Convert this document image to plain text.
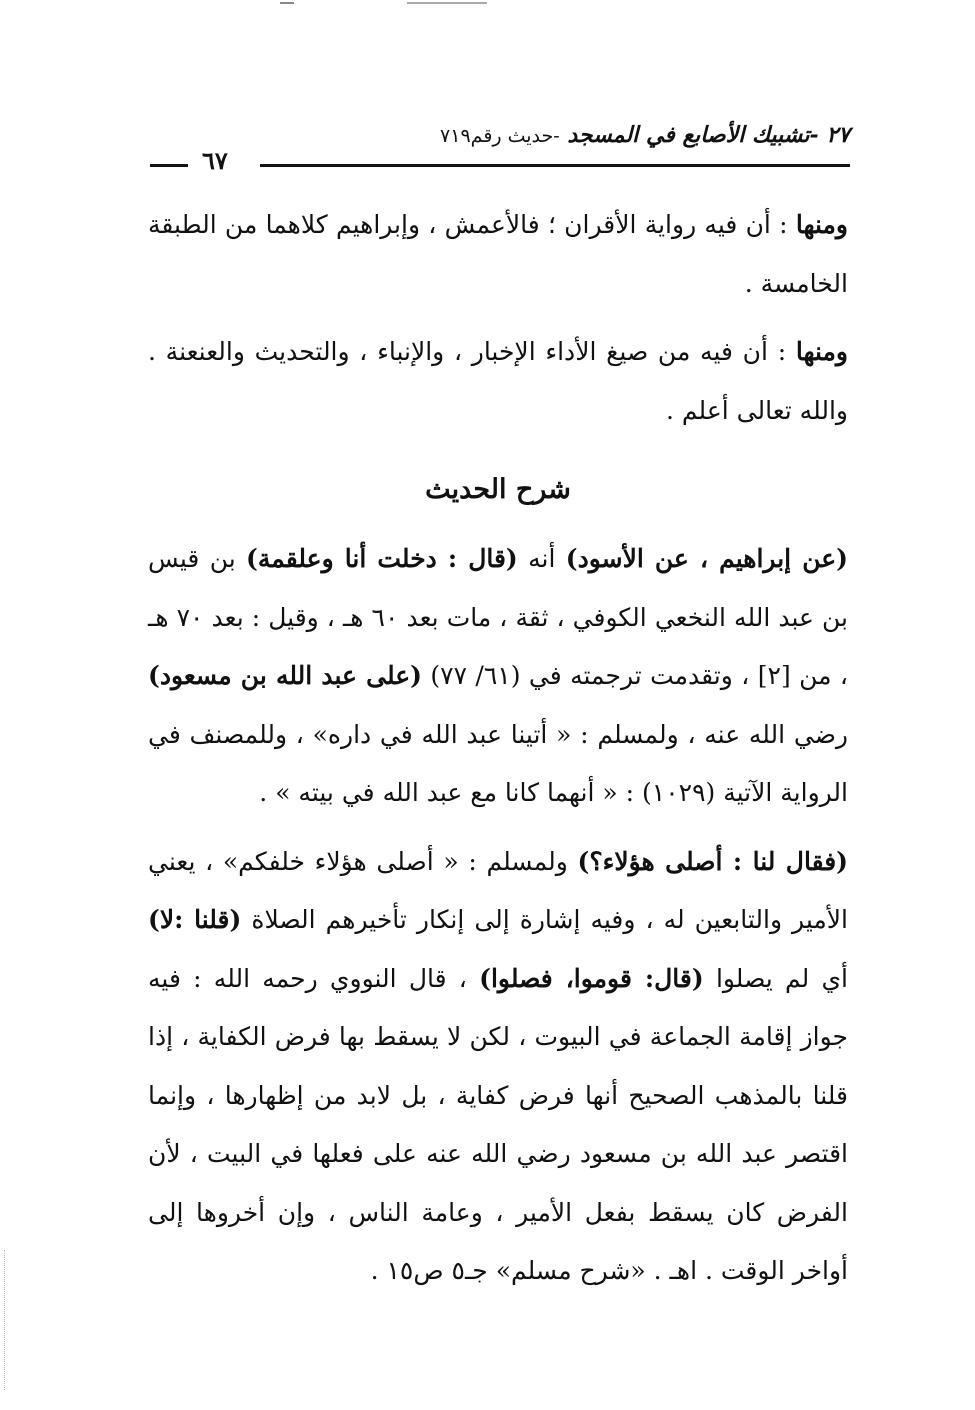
٢٧ -تشبيك الأصابع في المسجد -حديث رقم٧١٩
٦٧

ومنها : أن فيه رواية الأقران ؛ فالأعمش ، وإبراهيم كلاهما من الطبقة الخامسة .

ومنها : أن فيه من صيغ الأداء الإخبار ، والإنباء ، والتحديث والعنعنة . والله تعالى أعلم .

شرح الحديث

(عن إبراهيم ، عن الأسود) أنه (قال : دخلت أنا وعلقمة) بن قيس بن عبد الله النخعي الكوفي ، ثقة ، مات بعد ٦٠ هـ ، وقيل : بعد ٧٠ هـ ، من [٢] ، وتقدمت ترجمته في (٦١/ ٧٧) (على عبد الله بن مسعود) رضي الله عنه ، ولمسلم : « أتينا عبد الله في داره» ، وللمصنف في الرواية الآتية (١٠٢٩) : « أنهما كانا مع عبد الله في بيته » .

(فقال لنا : أصلى هؤلاء؟) ولمسلم : « أصلى هؤلاء خلفكم» ، يعني الأمير والتابعين له ، وفيه إشارة إلى إنكار تأخيرهم الصلاة (قلنا :لا) أي لم يصلوا (قال: قوموا، فصلوا) ، قال النووي رحمه الله : فيه جواز إقامة الجماعة في البيوت ، لكن لا يسقط بها فرض الكفاية ، إذا قلنا بالمذهب الصحيح أنها فرض كفاية ، بل لابد من إظهارها ، وإنما اقتصر عبد الله بن مسعود رضي الله عنه على فعلها في البيت ، لأن الفرض كان يسقط بفعل الأمير ، وعامة الناس ، وإن أخروها إلى أواخر الوقت . اهـ . «شرح مسلم» جـ٥ ص١٥ .
